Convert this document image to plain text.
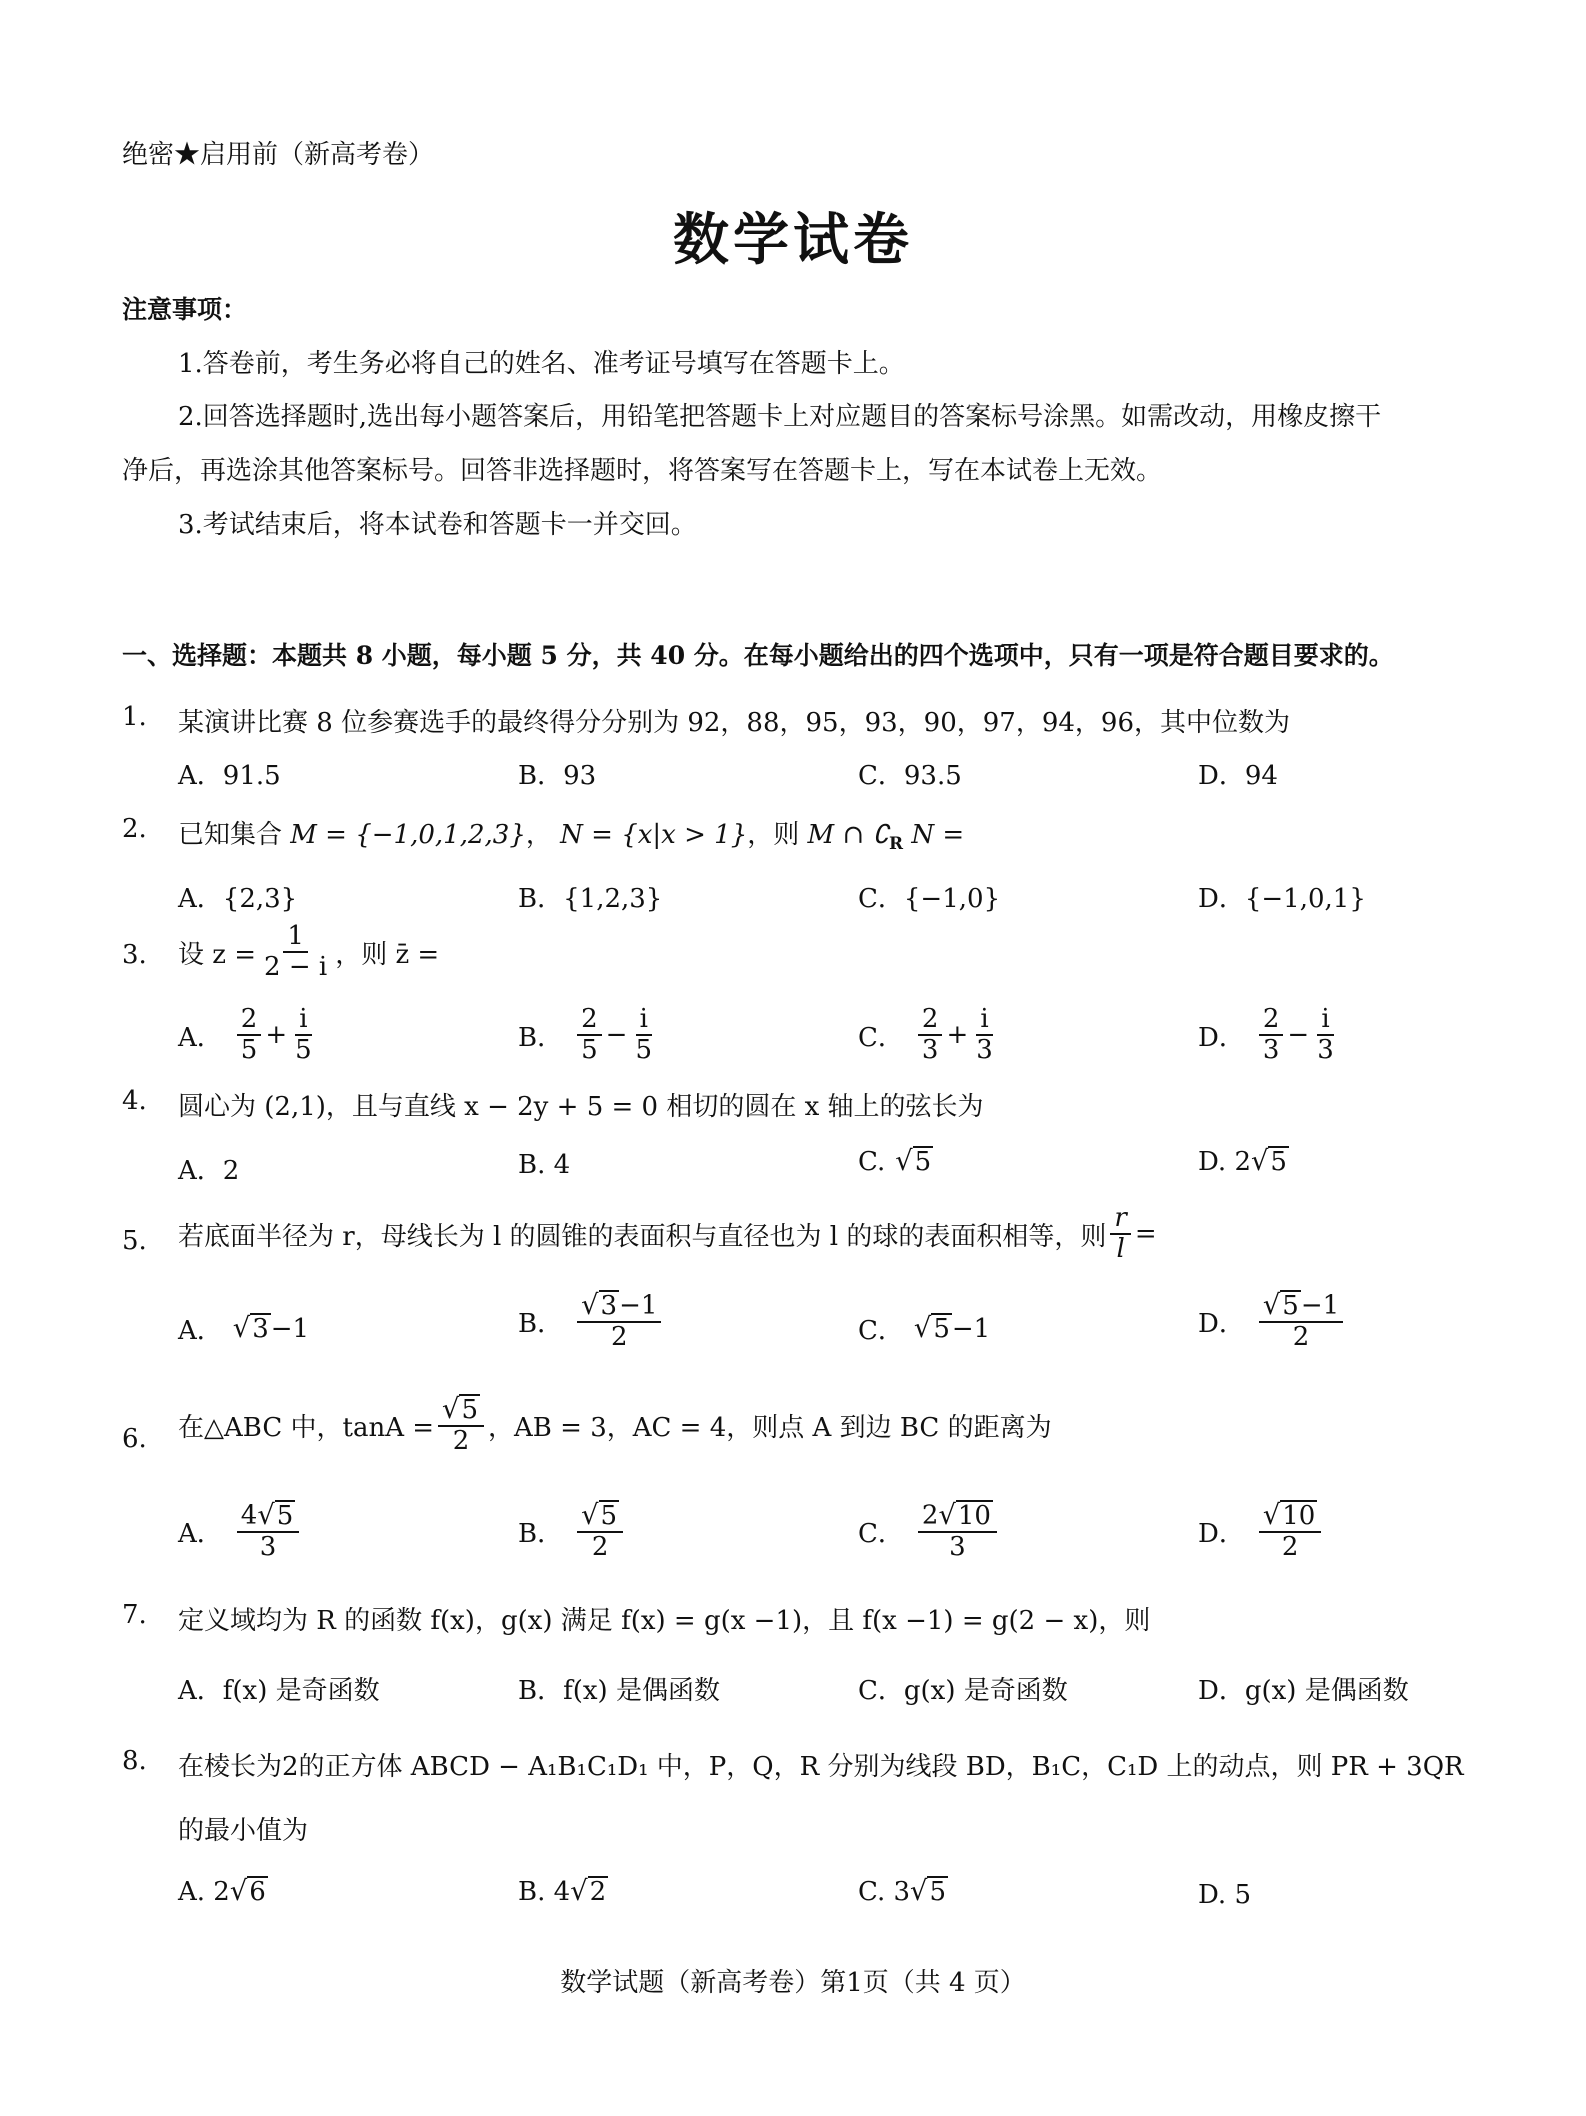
绝密★启用前（新高考卷）
数学试卷
注意事项：
1.答卷前，考生务必将自己的姓名、准考证号填写在答题卡上。
2.回答选择题时,选出每小题答案后，用铅笔把答题卡上对应题目的答案标号涂黑。如需改动，用橡皮擦干
净后，再选涂其他答案标号。回答非选择题时，将答案写在答题卡上，写在本试卷上无效。
3.考试结束后，将本试卷和答题卡一并交回。
一、选择题：本题共 8 小题，每小题 5 分，共 40 分。在每小题给出的四个选项中，只有一项是符合题目要求的。
1. 某演讲比赛 8 位参赛选手的最终得分分别为 92，88，95，93，90，97，94，96，其中位数为
A．91.5	B．93	C．93.5	D．94
2. 已知集合 M = {−1,0,1,2,3}， N = {x|x > 1}，则 M ∩ $∁_R$ N =
A．{2,3}	B．{1,2,3}	C．{−1,0}	D．{−1,0,1}
3. 设 $z = \frac{1}{2 - i}$ ，则 z̄ =
A． $\frac{2}{5} + \frac{i}{5}$	B． $\frac{2}{5} - \frac{i}{5}$	C． $\frac{2}{3} + \frac{i}{3}$	D． $\frac{2}{3} - \frac{i}{3}$
4. 圆心为 (2,1)，且与直线 x − 2y + 5 = 0 相切的圆在 x 轴上的弦长为
A．2	B. 4	C. √ 5	D. 2 √ 5
5. 若底面半径为 r，母线长为 l 的圆锥的表面积与直径也为 l 的球的表面积相等，则 $\frac{r}{l}$ =
A． √ 3 −1	B． $\frac{√ 3 -1}{2}$	C． √ 5 −1	D． $\frac{√ 5 -1}{2}$
6. 在△ABC 中，$\tan A = \frac{√ 5}{2}$ ，AB = 3，AC = 4，则点 A 到边 BC 的距离为
A． $\frac{4 √ 5}{3}$	B． $\frac{√ 5}{2}$	C． $\frac{2 √ 10}{3}$	D． $\frac{√ 10}{2}$
7. 定义域均为 R 的函数 f(x)，g(x) 满足 f(x) = g(x −1)，且 f(x −1) = g(2 − x)，则
A．f(x) 是奇函数	B．f(x) 是偶函数	C．g(x) 是奇函数	D．g(x) 是偶函数
8. 在棱长为2的正方体 ABCD − A₁B₁C₁D₁ 中，P，Q，R 分别为线段 BD，B₁C，C₁D 上的动点，则 PR + 3QR
的最小值为
A. 2 √ 6	B. 4 √ 2	C. 3 √ 5	D. 5
数学试题（新高考卷）第1页（共 4 页）
